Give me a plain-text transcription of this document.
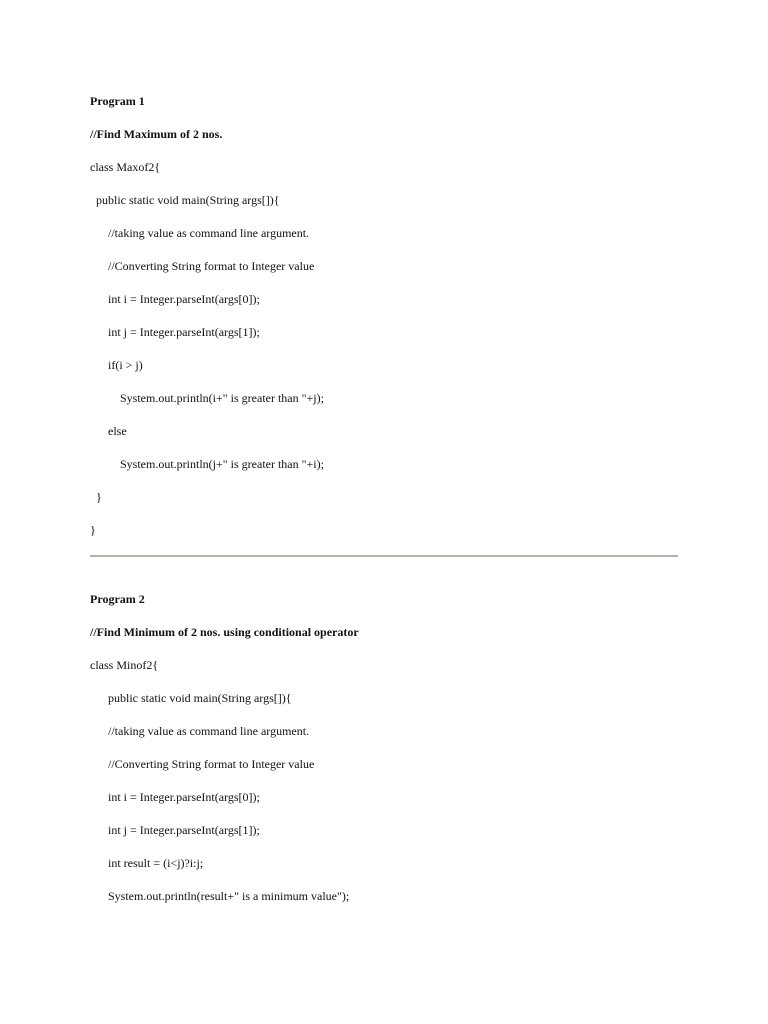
Program 1
//Find Maximum of 2 nos.
class Maxof2{
public static void main(String args[]){
//taking value as command line argument.
//Converting String format to Integer value
int i = Integer.parseInt(args[0]);
int j = Integer.parseInt(args[1]);
if(i > j)
System.out.println(i+" is greater than "+j);
else
System.out.println(j+" is greater than "+i);
}
}
Program 2
//Find Minimum of 2 nos. using conditional operator
class Minof2{
public static void main(String args[]){
//taking value as command line argument.
//Converting String format to Integer value
int i = Integer.parseInt(args[0]);
int j = Integer.parseInt(args[1]);
int result = (i<j)?i:j;
System.out.println(result+" is a minimum value");
